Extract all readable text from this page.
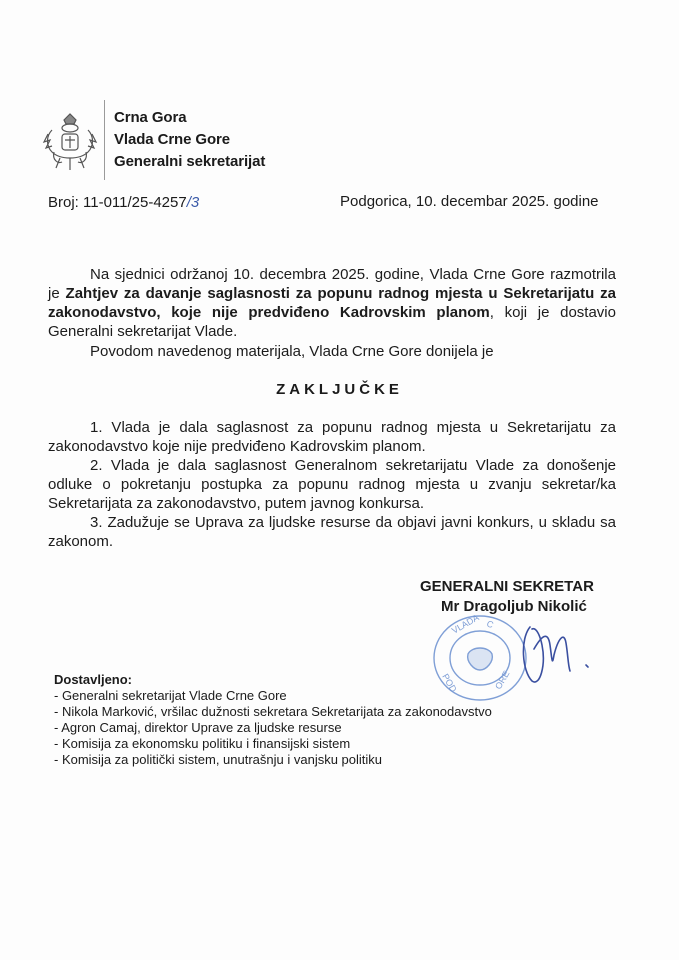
Crna Gora
Vlada Crne Gore
Generalni sekretarijat
Broj: 11-011/25-4257/3	Podgorica, 10. decembar 2025. godine
Na sjednici održanoj 10. decembra 2025. godine, Vlada Crne Gore razmotrila je Zahtjev za davanje saglasnosti za popunu radnog mjesta u Sekretarijatu za zakonodavstvo, koje nije predviđeno Kadrovskim planom, koji je dostavio Generalni sekretarijat Vlade.
Povodom navedenog materijala, Vlada Crne Gore donijela je
ZAKLJUČKE
1. Vlada je dala saglasnost za popunu radnog mjesta u Sekretarijatu za zakonodavstvo koje nije predviđeno Kadrovskim planom.
2. Vlada je dala saglasnost Generalnom sekretarijatu Vlade za donošenje odluke o pokretanju postupka za popunu radnog mjesta u zvanju sekretar/ka Sekretarijata za zakonodavstvo, putem javnog konkursa.
3. Zadužuje se Uprava za ljudske resurse da objavi javni konkurs, u skladu sa zakonom.
GENERALNI SEKRETAR
Mr Dragoljub Nikolić
VLADA C
POD	ORE
Dostavljeno:
- Generalni sekretarijat Vlade Crne Gore
- Nikola Marković, vršilac dužnosti sekretara Sekretarijata za zakonodavstvo
- Agron Camaj, direktor Uprave za ljudske resurse
- Komisija za ekonomsku politiku i finansijski sistem
- Komisija za politički sistem, unutrašnju i vanjsku politiku
